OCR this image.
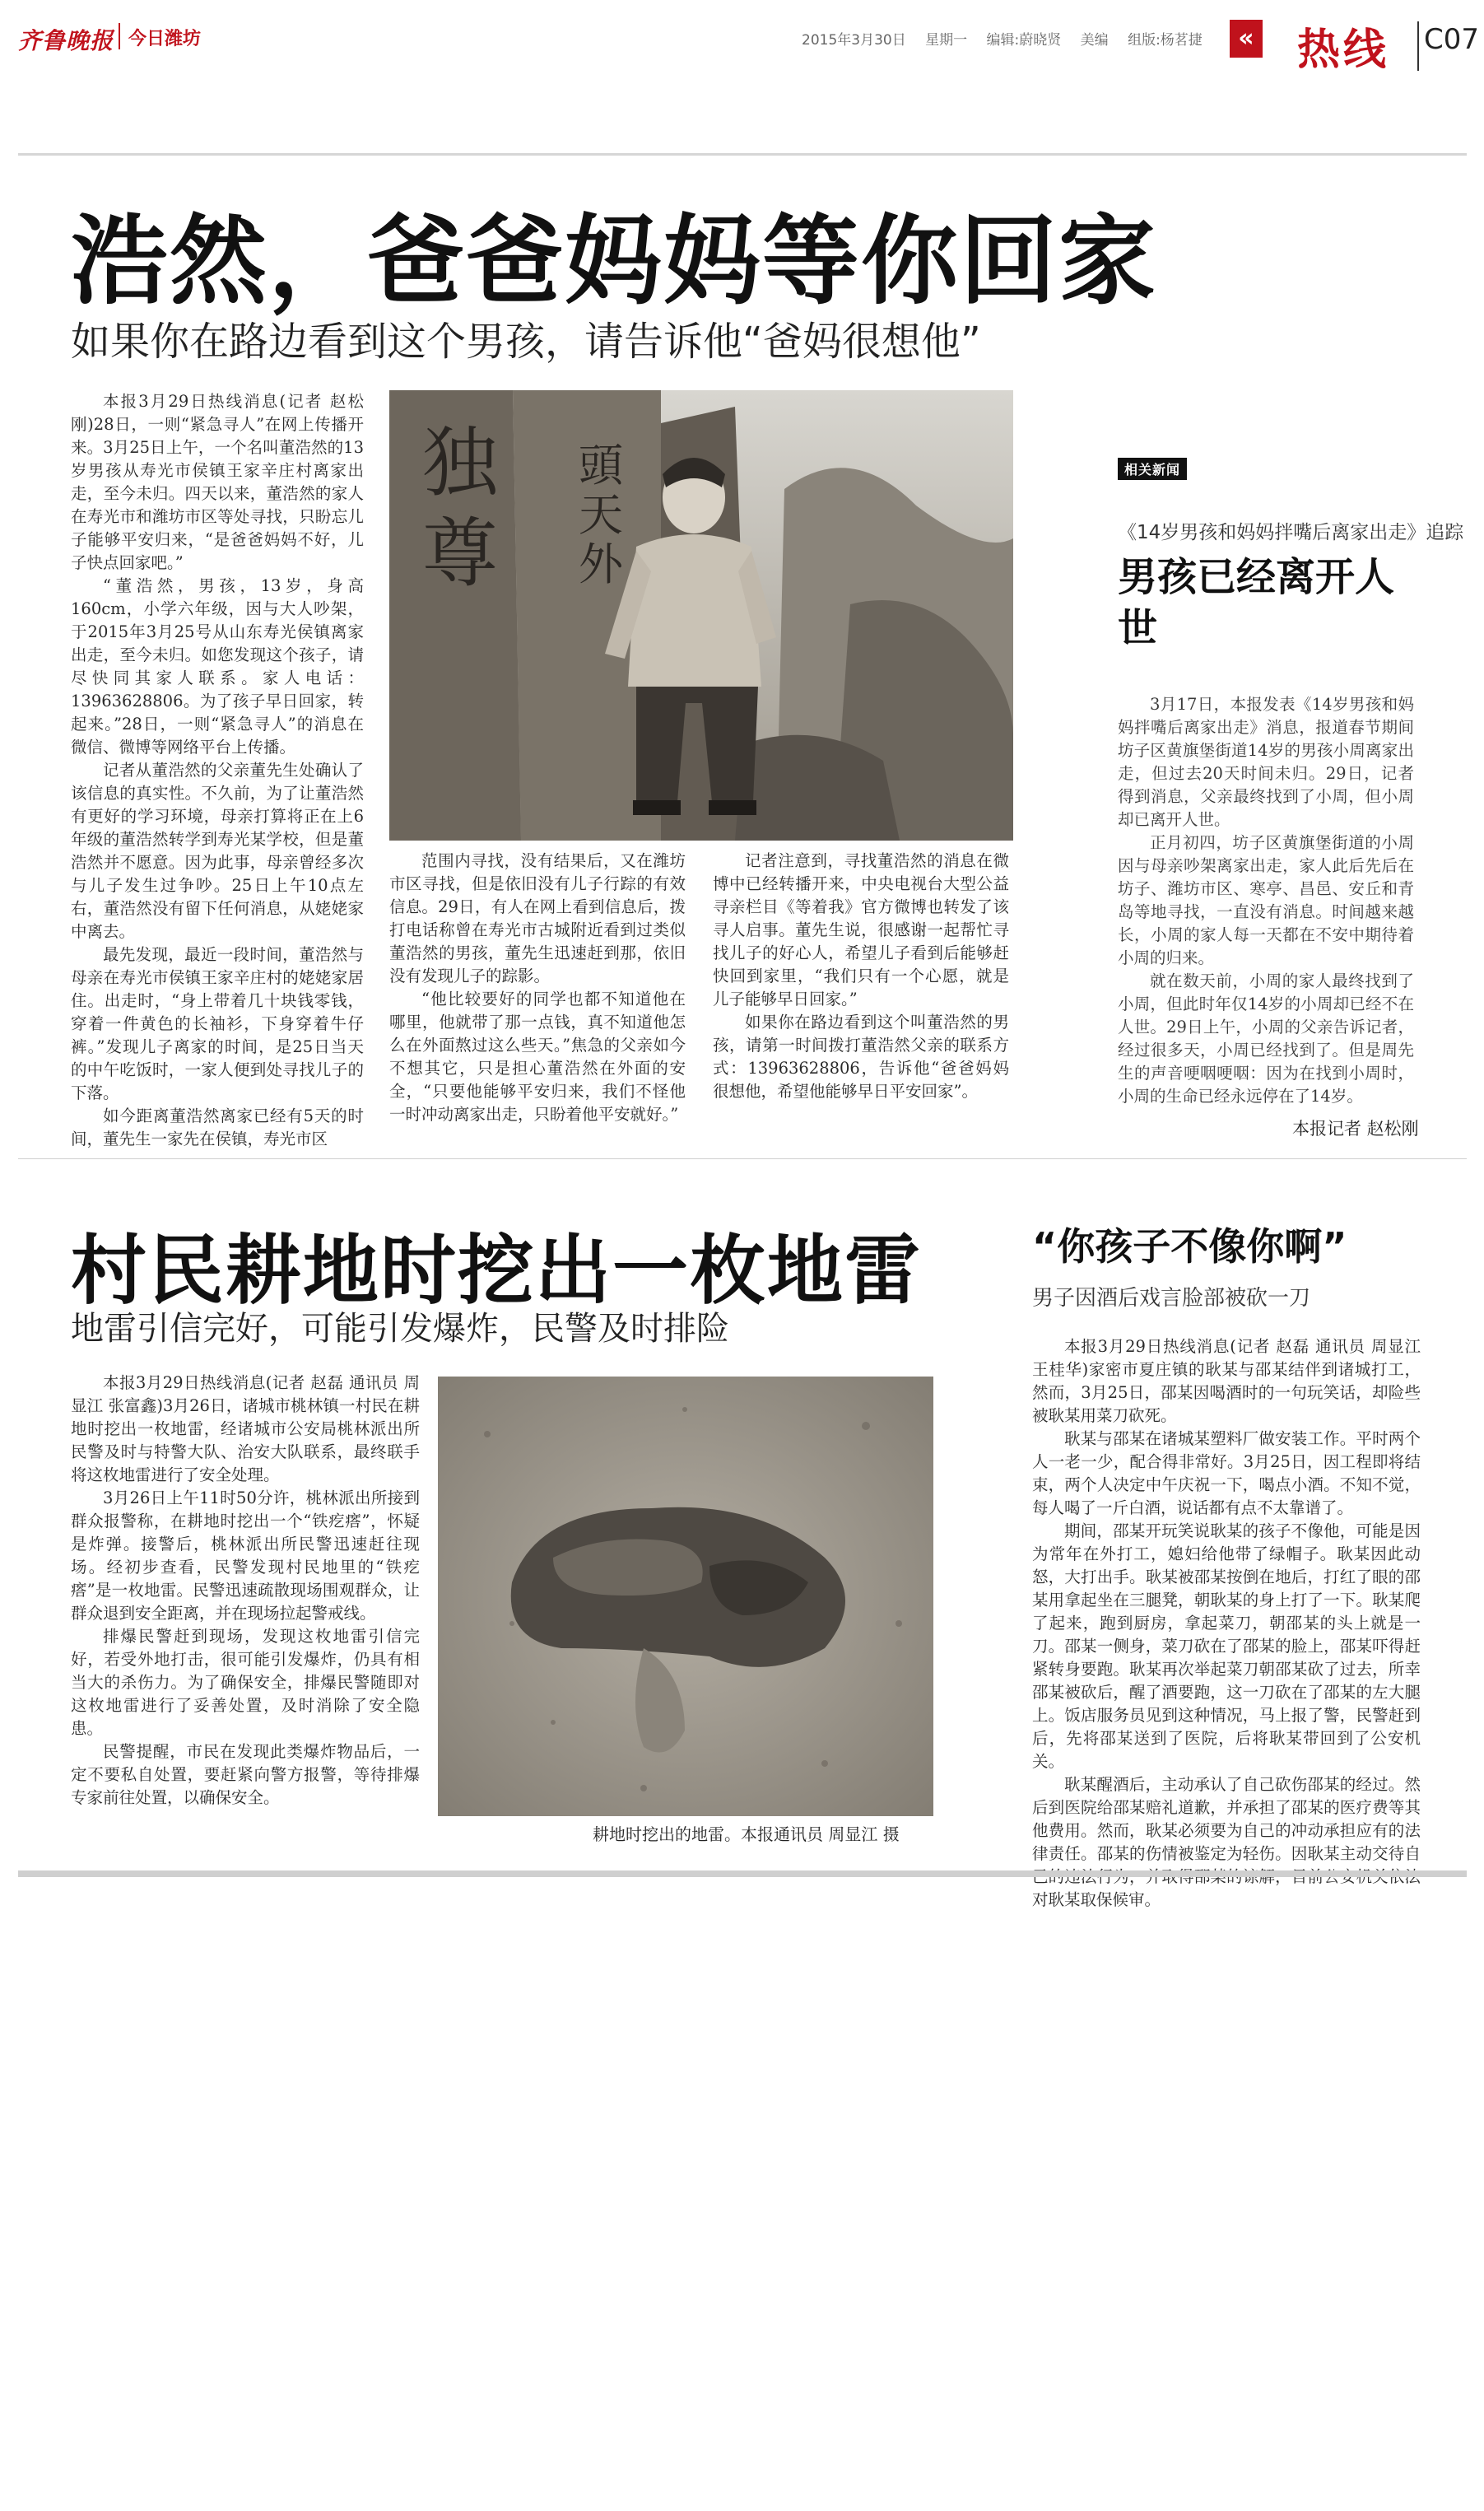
齐鲁晚报 今日潍坊	2015年3月30日 星期一 编辑:蔚晓贤 美编 组版:杨茗捷	« 热线 C07
浩然，爸爸妈妈等你回家
如果你在路边看到这个男孩，请告诉他“爸妈很想他”

本报3月29日热线消息(记者 赵松刚)28日，一则“紧急寻人”在网上传播开来。3月25日上午，一个名叫董浩然的13岁男孩从寿光市侯镇王家辛庄村离家出走，至今未归。四天以来，董浩然的家人在寿光市和潍坊市区等处寻找，只盼忘儿子能够平安归来，“是爸爸妈妈不好，儿子快点回家吧。”

“董浩然，男孩，13岁，身高160cm，小学六年级，因与大人吵架，于2015年3月25号从山东寿光侯镇离家出走，至今未归。如您发现这个孩子，请尽快同其家人联系。家人电话：13963628806。为了孩子早日回家，转起来。”28日，一则“紧急寻人”的消息在微信、微博等网络平台上传播。

记者从董浩然的父亲董先生处确认了该信息的真实性。不久前，为了让董浩然有更好的学习环境，母亲打算将正在上6年级的董浩然转学到寿光某学校，但是董浩然并不愿意。因为此事，母亲曾经多次与儿子发生过争吵。25日上午10点左右，董浩然没有留下任何消息，从姥姥家中离去。

最先发现，最近一段时间，董浩然与母亲在寿光市侯镇王家辛庄村的姥姥家居住。出走时，“身上带着几十块钱零钱，穿着一件黄色的长袖衫，下身穿着牛仔裤。”发现儿子离家的时间，是25日当天的中午吃饭时，一家人便到处寻找儿子的下落。

如今距离董浩然离家已经有5天的时间，董先生一家先在侯镇，寿光市区

独
尊
頭
天
外

范围内寻找，没有结果后，又在潍坊市区寻找，但是依旧没有儿子行踪的有效信息。29日，有人在网上看到信息后，拨打电话称曾在寿光市古城附近看到过类似董浩然的男孩，董先生迅速赶到那，依旧没有发现儿子的踪影。

“他比较要好的同学也都不知道他在哪里，他就带了那一点钱，真不知道他怎么在外面熬过这么些天。”焦急的父亲如今不想其它，只是担心董浩然在外面的安全，“只要他能够平安归来，我们不怪他一时冲动离家出走，只盼着他平安就好。”

记者注意到，寻找董浩然的消息在微博中已经转播开来，中央电视台大型公益寻亲栏目《等着我》官方微博也转发了该寻人启事。董先生说，很感谢一起帮忙寻找儿子的好心人，希望儿子看到后能够赶快回到家里，“我们只有一个心愿，就是儿子能够早日回家。”

如果你在路边看到这个叫董浩然的男孩，请第一时间拨打董浩然父亲的联系方式：13963628806，告诉他“爸爸妈妈很想他，希望他能够早日平安回家”。

相关新闻
《14岁男孩和妈妈拌嘴后离家出走》追踪
男孩已经离开人世

3月17日，本报发表《14岁男孩和妈妈拌嘴后离家出走》消息，报道春节期间坊子区黄旗堡街道14岁的男孩小周离家出走，但过去20天时间未归。29日，记者得到消息，父亲最终找到了小周，但小周却已离开人世。

正月初四，坊子区黄旗堡街道的小周因与母亲吵架离家出走，家人此后先后在坊子、潍坊市区、寒亭、昌邑、安丘和青岛等地寻找，一直没有消息。时间越来越长，小周的家人每一天都在不安中期待着小周的归来。

就在数天前，小周的家人最终找到了小周，但此时年仅14岁的小周却已经不在人世。29日上午，小周的父亲告诉记者，经过很多天，小周已经找到了。但是周先生的声音哽咽哽咽：因为在找到小周时，小周的生命已经永远停在了14岁。

本报记者 赵松刚
村民耕地时挖出一枚地雷
地雷引信完好，可能引发爆炸，民警及时排险

本报3月29日热线消息(记者 赵磊 通讯员 周显江 张富鑫)3月26日，诸城市桃林镇一村民在耕地时挖出一枚地雷，经诸城市公安局桃林派出所民警及时与特警大队、治安大队联系，最终联手将这枚地雷进行了安全处理。

3月26日上午11时50分许，桃林派出所接到群众报警称，在耕地时挖出一个“铁疙瘩”，怀疑是炸弹。接警后，桃林派出所民警迅速赶往现场。经初步查看，民警发现村民地里的“铁疙瘩”是一枚地雷。民警迅速疏散现场围观群众，让群众退到安全距离，并在现场拉起警戒线。

排爆民警赶到现场，发现这枚地雷引信完好，若受外地打击，很可能引发爆炸，仍具有相当大的杀伤力。为了确保安全，排爆民警随即对这枚地雷进行了妥善处置，及时消除了安全隐患。

民警提醒，市民在发现此类爆炸物品后，一定不要私自处置，要赶紧向警方报警，等待排爆专家前往处置，以确保安全。

耕地时挖出的地雷。本报通讯员 周显江 摄
“你孩子不像你啊”
男子因酒后戏言脸部被砍一刀

本报3月29日热线消息(记者 赵磊 通讯员 周显江 王桂华)家密市夏庄镇的耿某与邵某结伴到诸城打工，然而，3月25日，邵某因喝酒时的一句玩笑话，却险些被耿某用菜刀砍死。

耿某与邵某在诸城某塑料厂做安装工作。平时两个人一老一少，配合得非常好。3月25日，因工程即将结束，两个人决定中午庆祝一下，喝点小酒。不知不觉，每人喝了一斤白酒，说话都有点不太靠谱了。

期间，邵某开玩笑说耿某的孩子不像他，可能是因为常年在外打工，媳妇给他带了绿帽子。耿某因此动怒，大打出手。耿某被邵某按倒在地后，打红了眼的邵某用拿起坐在三腿凳，朝耿某的身上打了一下。耿某爬了起来，跑到厨房，拿起菜刀，朝邵某的头上就是一刀。邵某一侧身，菜刀砍在了邵某的脸上，邵某吓得赶紧转身要跑。耿某再次举起菜刀朝邵某砍了过去，所幸邵某被砍后，醒了酒要跑，这一刀砍在了邵某的左大腿上。饭店服务员见到这种情况，马上报了警，民警赶到后，先将邵某送到了医院，后将耿某带回到了公安机关。

耿某醒酒后，主动承认了自己砍伤邵某的经过。然后到医院给邵某赔礼道歉，并承担了邵某的医疗费等其他费用。然而，耿某必须要为自己的冲动承担应有的法律责任。邵某的伤情被鉴定为轻伤。因耿某主动交待自 对耿某取保候审。
